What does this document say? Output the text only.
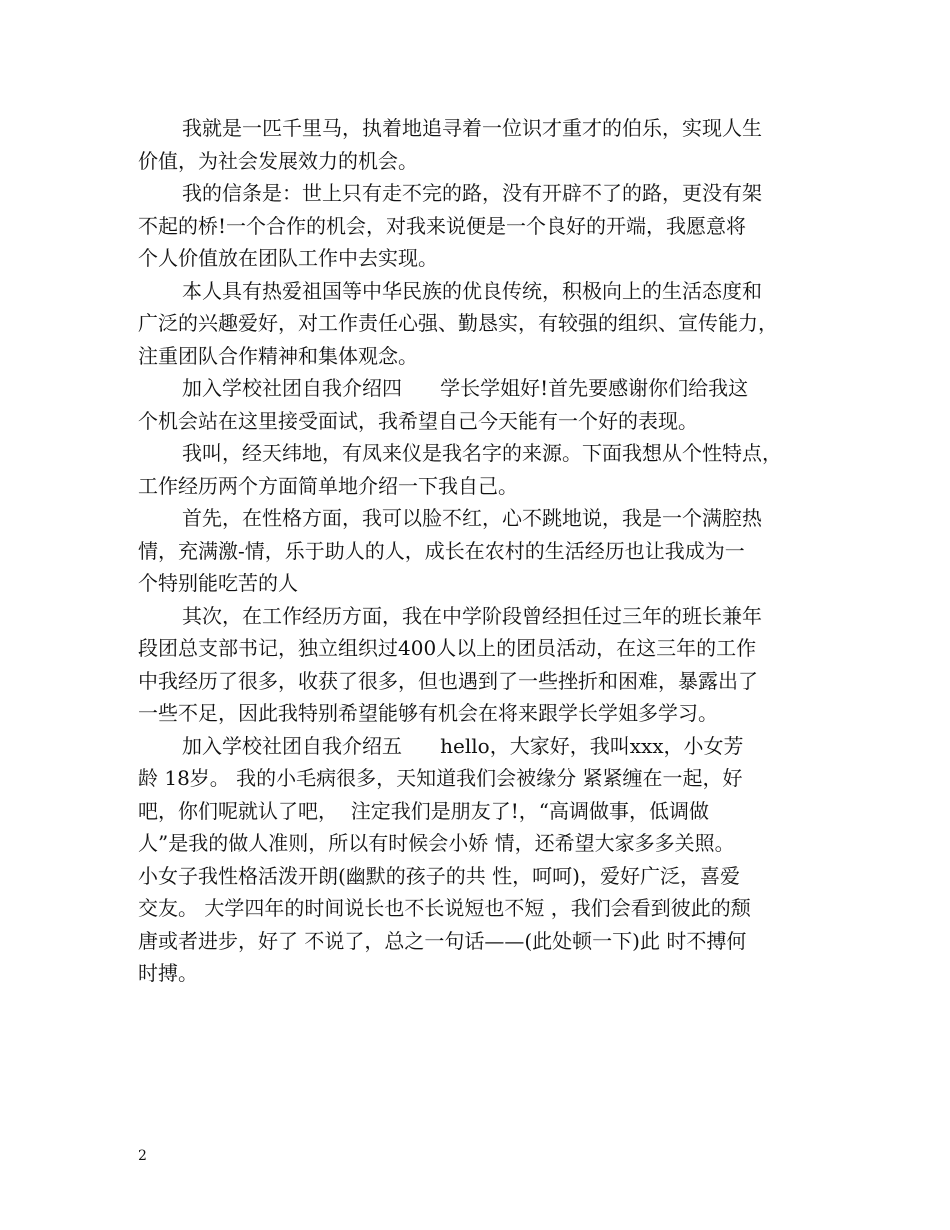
我就是一匹千里马，执着地追寻着一位识才重才的伯乐，实现人生
价值，为社会发展效力的机会。
我的信条是：世上只有走不完的路，没有开辟不了的路，更没有架
不起的桥!一个合作的机会，对我来说便是一个良好的开端，我愿意将
个人价值放在团队工作中去实现。
本人具有热爱祖国等中华民族的优良传统，积极向上的生活态度和
广泛的兴趣爱好，对工作责任心强、勤恳实，有较强的组织、宣传能力，
注重团队合作精神和集体观念。
加入学校社团自我介绍四      学长学姐好!首先要感谢你们给我这
个机会站在这里接受面试，我希望自己今天能有一个好的表现。
我叫，经天纬地，有凤来仪是我名字的来源。下面我想从个性特点，
工作经历两个方面简单地介绍一下我自己。
首先，在性格方面，我可以脸不红，心不跳地说，我是一个满腔热
情，充满激-情，乐于助人的人，成长在农村的生活经历也让我成为一
个特别能吃苦的人
其次，在工作经历方面，我在中学阶段曾经担任过三年的班长兼年
段团总支部书记，独立组织过400人以上的团员活动，在这三年的工作
中我经历了很多，收获了很多，但也遇到了一些挫折和困难，暴露出了
一些不足，因此我特别希望能够有机会在将来跟学长学姐多学习。
加入学校社团自我介绍五      hello，大家好，我叫xxx，小女芳
龄 18岁。 我的小毛病很多，天知道我们会被缘分 紧紧缠在一起，好
吧，你们呢就认了吧，  注定我们是朋友了!，“高调做事，低调做
人”是我的做人准则，所以有时候会小娇 情，还希望大家多多关照。
小女子我性格活泼开朗(幽默的孩子的共 性，呵呵)，爱好广泛，喜爱
交友。 大学四年的时间说长也不长说短也不短 ，我们会看到彼此的颓
唐或者进步，好了 不说了，总之一句话——(此处顿一下)此 时不搏何
时搏。
2
